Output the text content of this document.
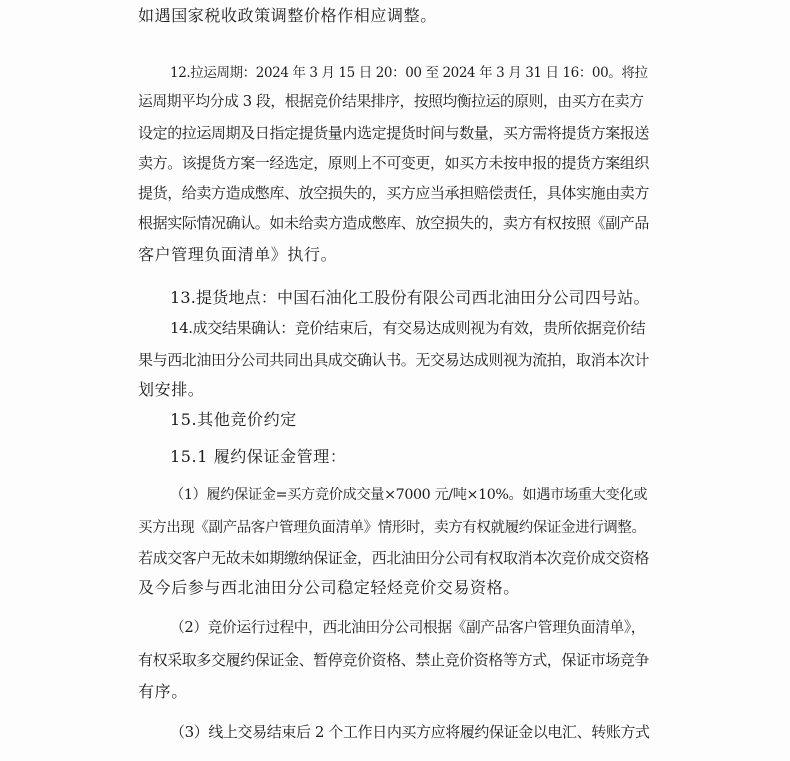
如遇国家税收政策调整价格作相应调整。
12.拉运周期：2024 年 3 月 15 日 20：00 至 2024 年 3 月 31 日 16：00。将拉
运周期平均分成 3 段，根据竞价结果排序，按照均衡拉运的原则，由买方在卖方
设定的拉运周期及日指定提货量内选定提货时间与数量，买方需将提货方案报送
卖方。该提货方案一经选定，原则上不可变更，如买方未按申报的提货方案组织
提货，给卖方造成憋库、放空损失的，买方应当承担赔偿责任，具体实施由卖方
根据实际情况确认。如未给卖方造成憋库、放空损失的，卖方有权按照《副产品
客户管理负面清单》执行。
13.提货地点：中国石油化工股份有限公司西北油田分公司四号站。
14.成交结果确认：竞价结束后，有交易达成则视为有效，贵所依据竞价结
果与西北油田分公司共同出具成交确认书。无交易达成则视为流拍，取消本次计
划安排。
15.其他竞价约定
15.1 履约保证金管理：
（1）履约保证金=买方竞价成交量×7000 元/吨×10%。如遇市场重大变化或
买方出现《副产品客户管理负面清单》情形时，卖方有权就履约保证金进行调整。
若成交客户无故未如期缴纳保证金，西北油田分公司有权取消本次竞价成交资格
及今后参与西北油田分公司稳定轻烃竞价交易资格。
（2）竞价运行过程中，西北油田分公司根据《副产品客户管理负面清单》，
有权采取多交履约保证金、暂停竞价资格、禁止竞价资格等方式，保证市场竞争
有序。
（3）线上交易结束后 2 个工作日内买方应将履约保证金以电汇、转账方式
